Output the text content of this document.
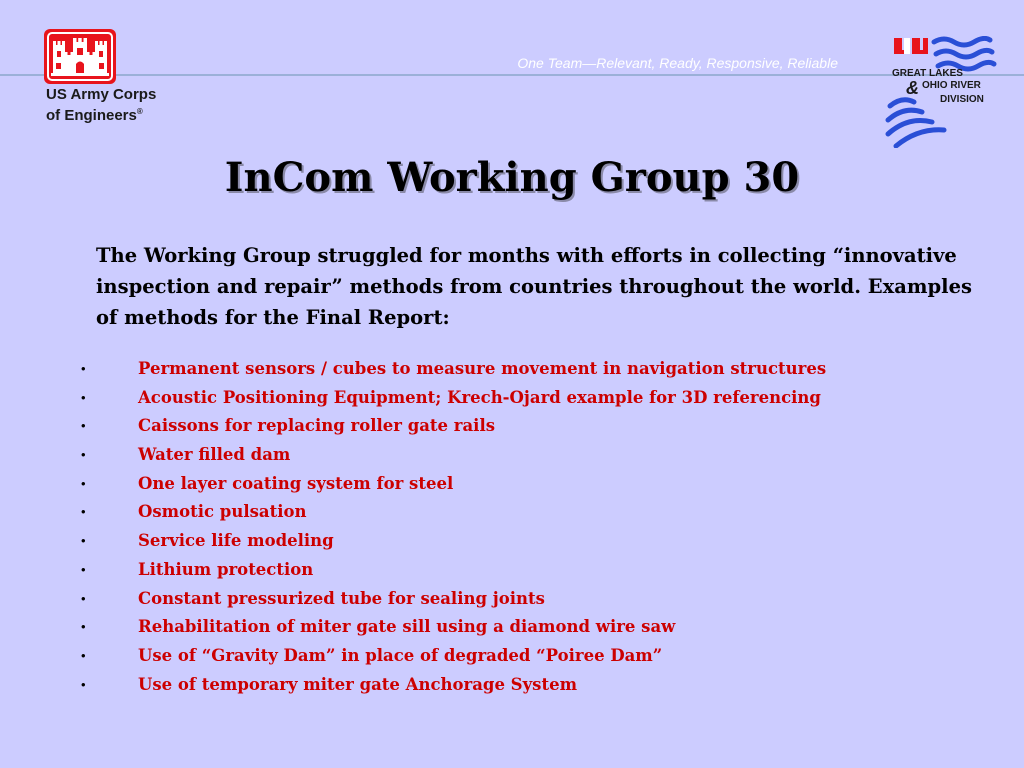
One Team—Relevant, Ready, Responsive, Reliable
US Army Corps
of Engineers®
GREAT LAKES
& OHIO RIVER
DIVISION
InCom Working Group 30

The Working Group struggled for months with efforts in collecting “innovative inspection and repair” methods from countries throughout the world. Examples of methods for the Final Report:

•	Permanent sensors / cubes to measure movement in navigation structures
•	Acoustic Positioning Equipment; Krech-Ojard example for 3D referencing
•	Caissons for replacing roller gate rails
•	Water filled dam
•	One layer coating system for steel
•	Osmotic pulsation
•	Service life modeling
•	Lithium protection
•	Constant pressurized tube for sealing joints
•	Rehabilitation of miter gate sill using a diamond wire saw
•	Use of “Gravity Dam” in place of degraded “Poiree Dam”
•	Use of temporary miter gate Anchorage System
